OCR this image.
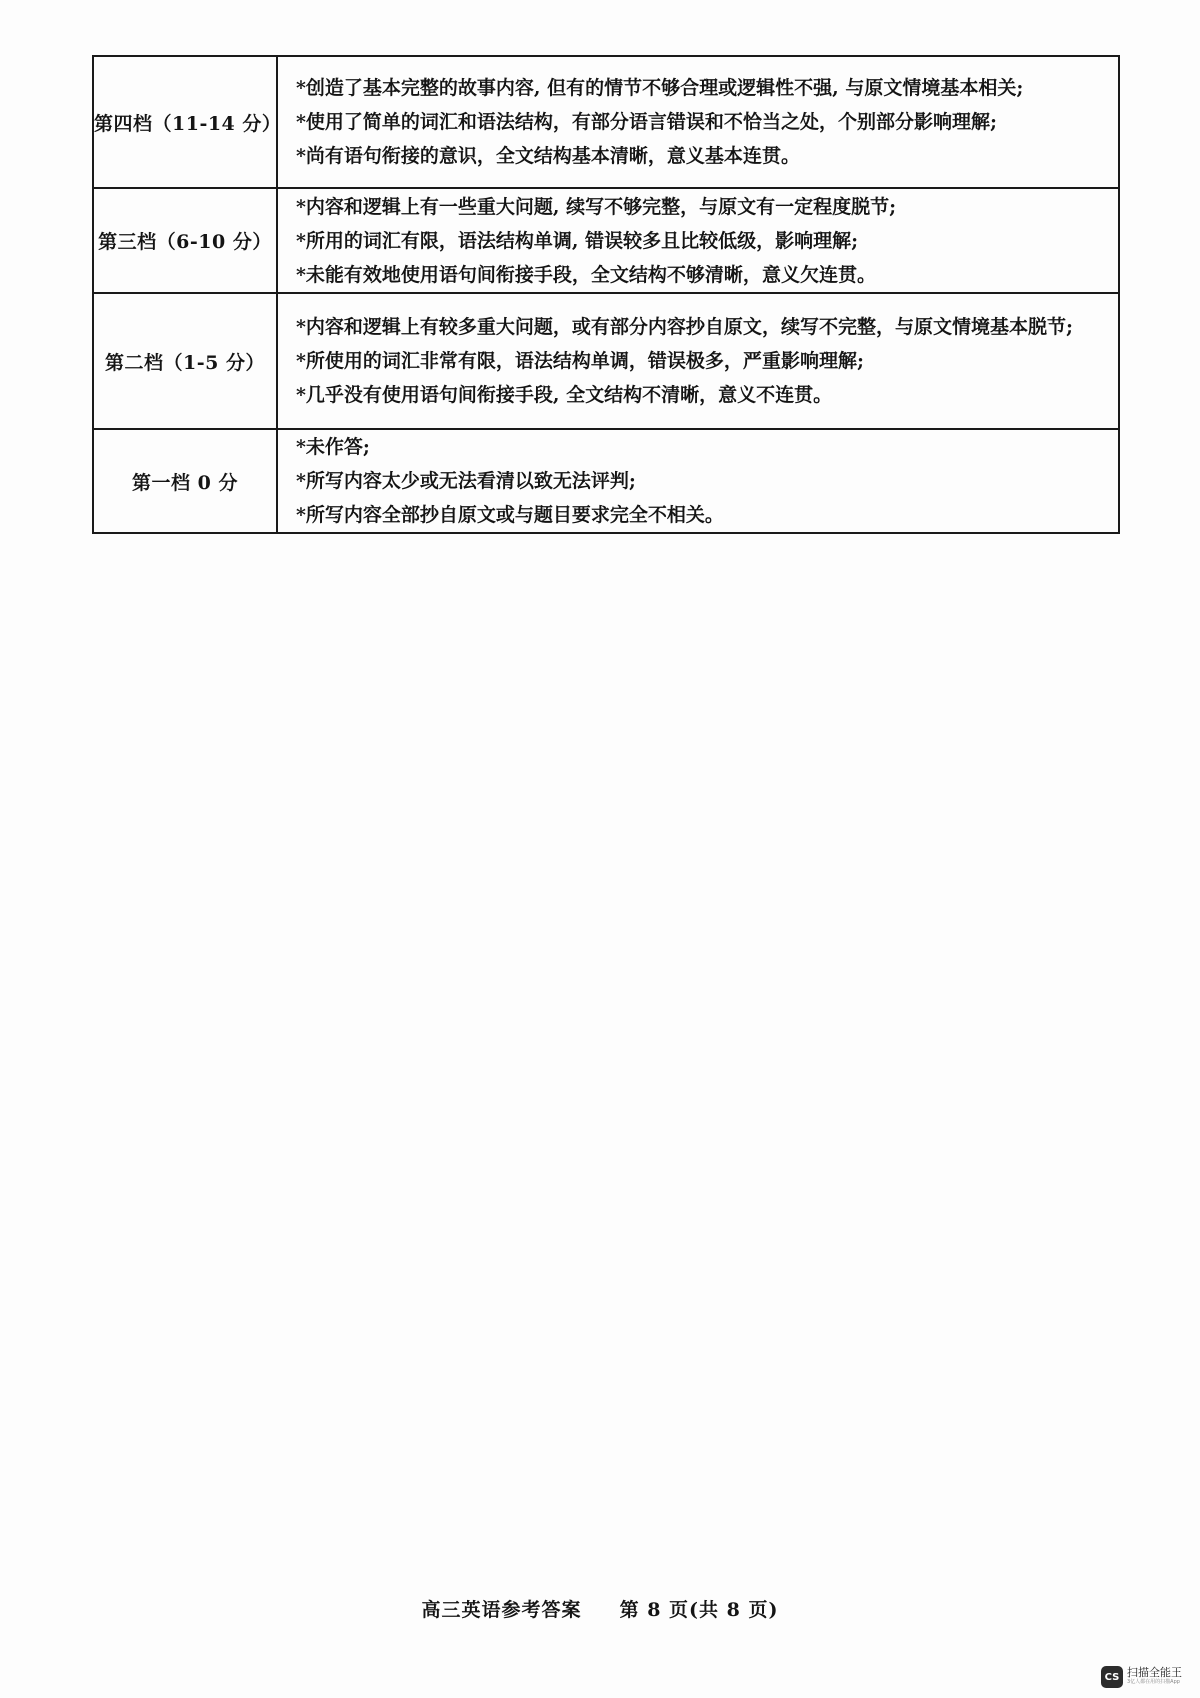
第四档（11-14 分）	*创造了基本完整的故事内容, 但有的情节不够合理或逻辑性不强, 与原文情境基本相关;
*使用了简单的词汇和语法结构，有部分语言错误和不恰当之处，个别部分影响理解;
*尚有语句衔接的意识，全文结构基本清晰，意义基本连贯。

第三档（6-10 分）	*内容和逻辑上有一些重大问题, 续写不够完整，与原文有一定程度脱节;
*所用的词汇有限，语法结构单调, 错误较多且比较低级，影响理解;
*未能有效地使用语句间衔接手段，全文结构不够清晰，意义欠连贯。

第二档（1-5 分）	*内容和逻辑上有较多重大问题，或有部分内容抄自原文，续写不完整，与原文情境基本脱节;
*所使用的词汇非常有限，语法结构单调，错误极多，严重影响理解;
*几乎没有使用语句间衔接手段, 全文结构不清晰，意义不连贯。

第一档 0 分	*未作答;
*所写内容太少或无法看清以致无法评判;
*所写内容全部抄自原文或与题目要求完全不相关。
高三英语参考答案 第 8 页(共 8 页)
CS 扫描全能王
3亿人都在用的扫描App
